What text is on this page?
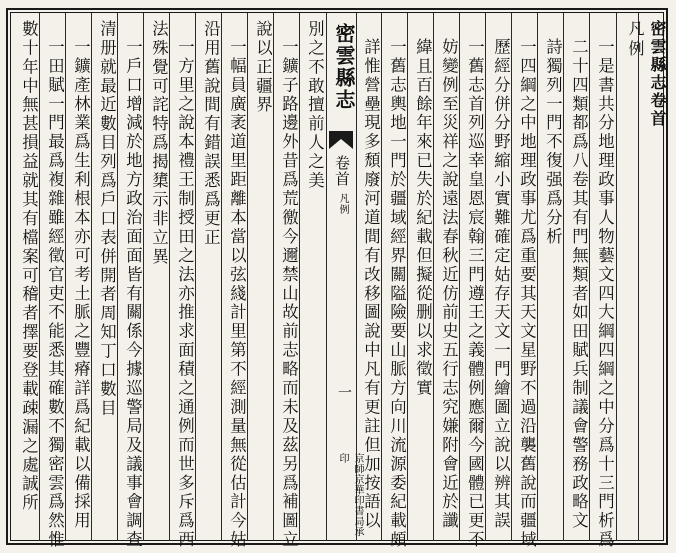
密雲縣志卷首
凡例
一是書共分地理政事人物藝文四大綱四綱之中分爲十三門析爲
二十四類都爲八卷其有門無類者如田賦兵制議會警務政略文
詩獨列一門不復强爲分析
一四綱之中地理政事尤爲重要其天文星野不過沿襲舊說而疆域
歷經分併分野縮小實難確定姑存天文一門繪圖立說以辨其誤
一舊志首列巡幸皇恩宸翰三門遵王之義體例應爾今國體已更不
妨變例至災祥之說遠法春秋近仿前史五行志究嫌附會近於讖
緯且百餘年來已失於紀載但擬從删以求徵實
一舊志輿地一門於疆域經界關隘險要山脈方向川流源委紀載頗
詳惟營壘現多頹廢河道間有改移圖說中凡有更註但加按語以
密雲縣志
卷首
凡例
一
京師京華印書局承印
別之不敢擅前人之美
一鑛子路邊外昔爲荒徼今邇禁山故前志略而未及茲另爲補圖立
說以正疆界
一幅員廣袤道里距離本當以弦綫計里第不經測量無從估計今姑
沿用舊說間有錯誤悉爲更正
一方里之說本禮王制授田之法亦推求面積之通例而世多斥爲西
法殊覺可詫特爲揭橥示非立異
一戶口增減於地方政治面面皆有關係今據巡警局及議事會調查
清册就最近數目列爲戶口表併開者周知丁口數目
一鑛產林業爲生利根本亦可考土脈之豐瘠詳爲紀載以備採用
一田賦一門最爲複雜雖經徵官吏不能悉其確數不獨密雲爲然惟
數十年中無甚損益就其有檔案可稽者擇要登載疎漏之處誠所
